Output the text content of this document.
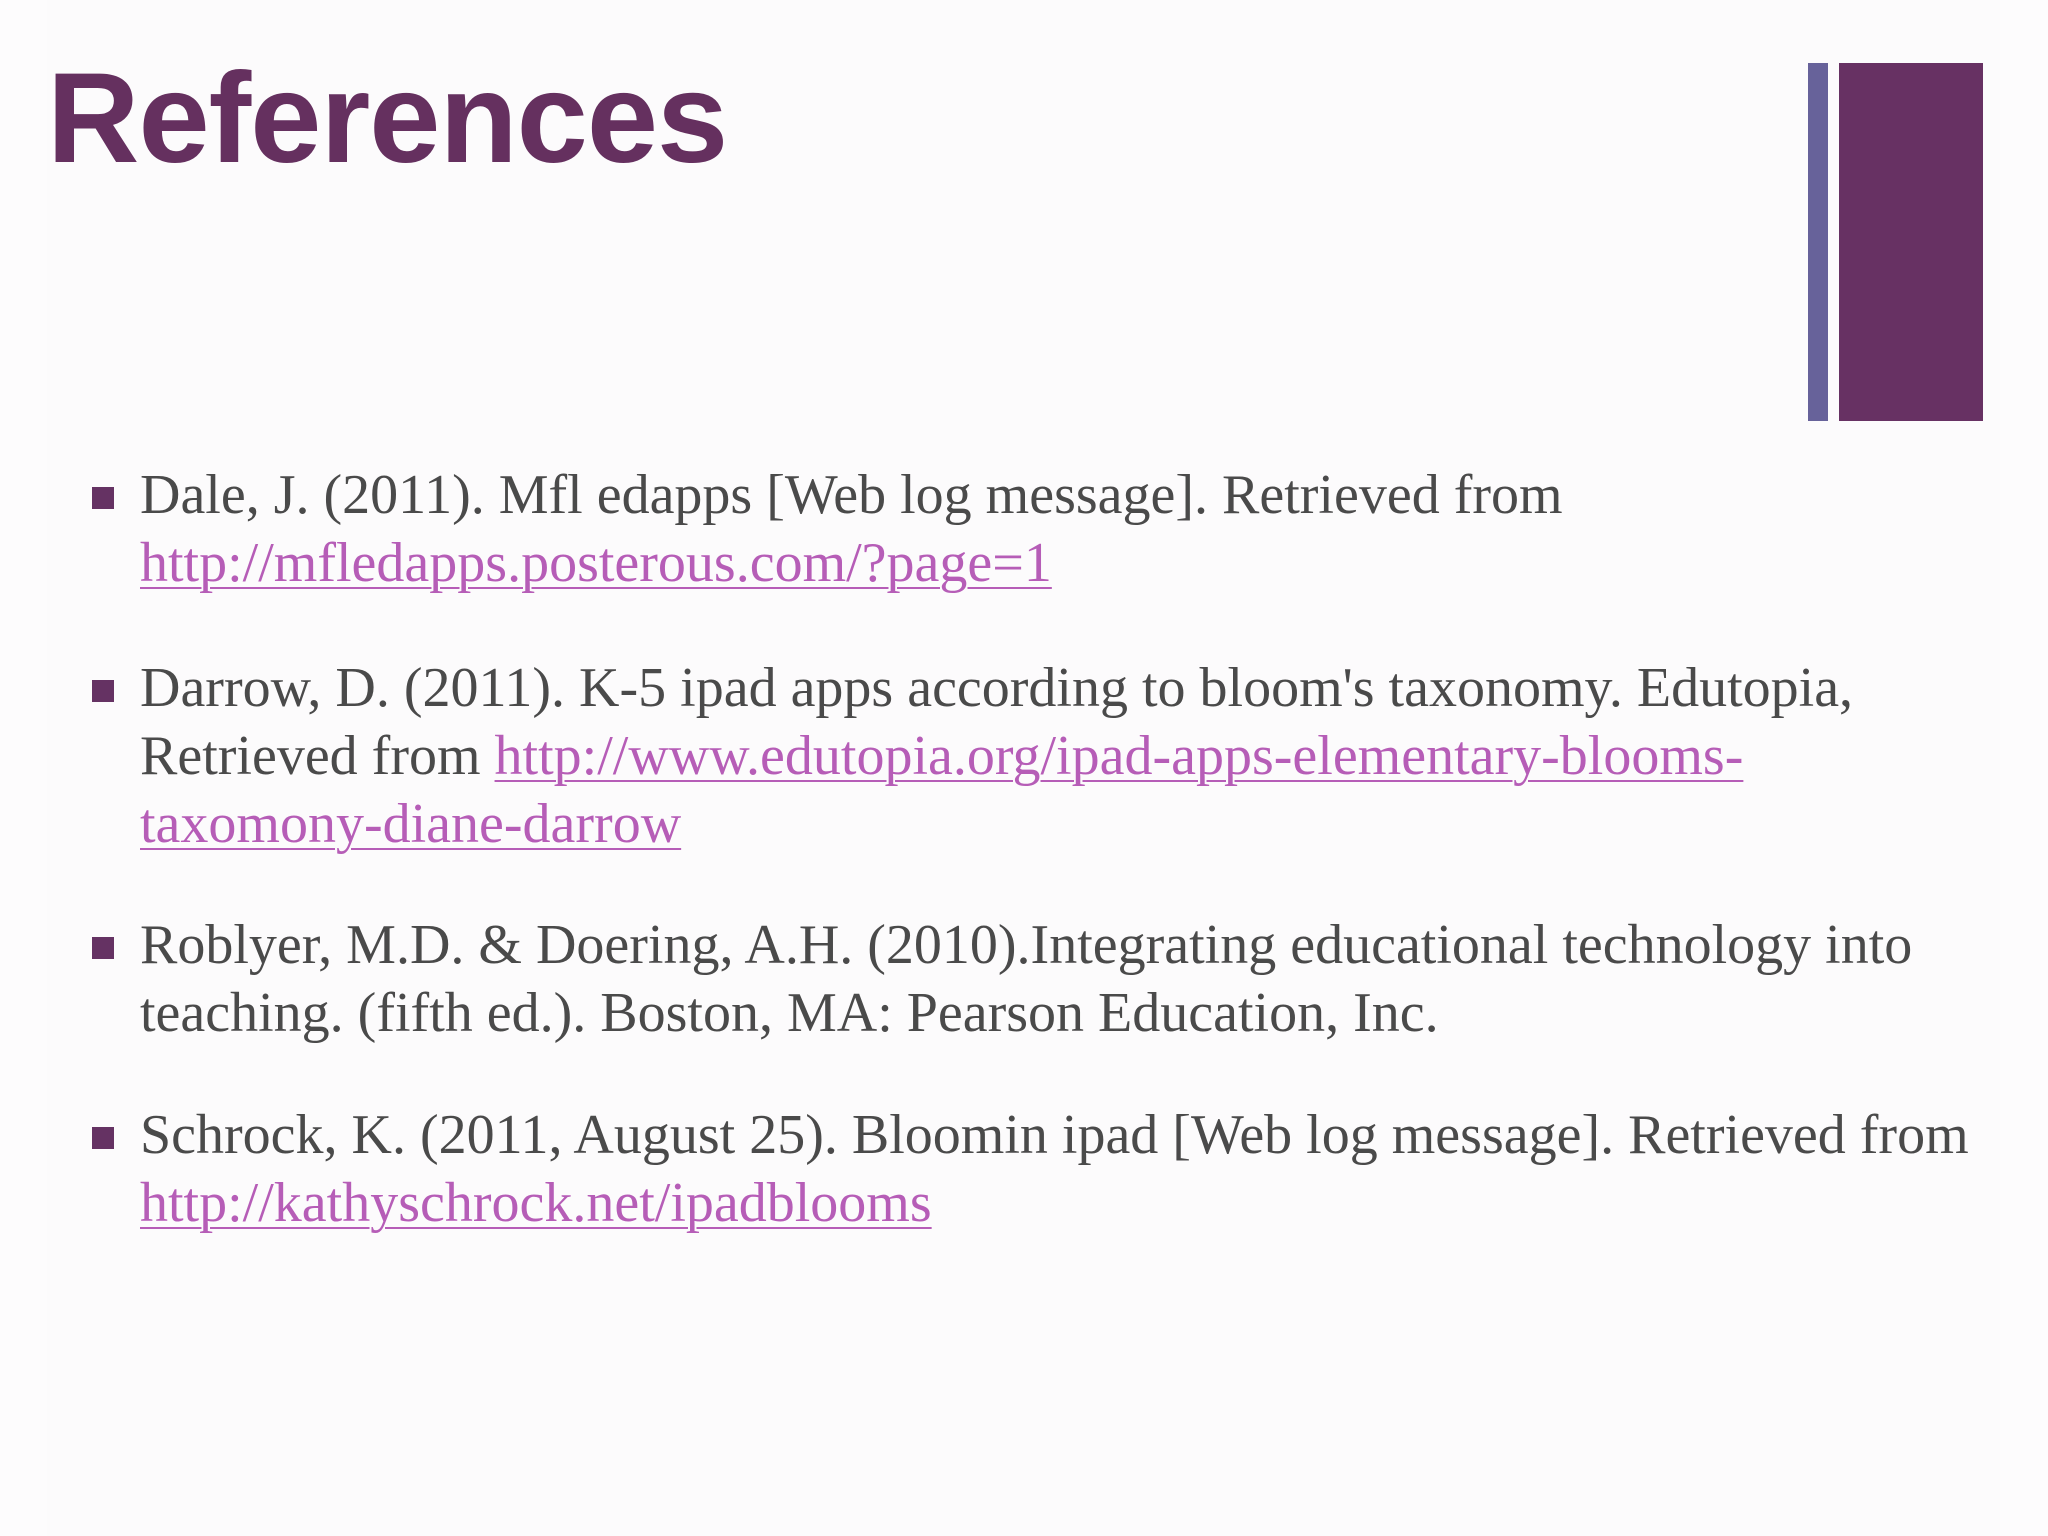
References
Dale, J. (2011). Mfl edapps [Web log message]. Retrieved from http://mfledapps.posterous.com/?page=1
Darrow, D. (2011). K-5 ipad apps according to bloom's taxonomy. Edutopia, Retrieved from http://www.edutopia.org/ipad-apps-elementary-blooms-taxomony-diane-darrow
Roblyer, M.D. & Doering, A.H. (2010).Integrating educational technology into teaching. (fifth ed.). Boston, MA: Pearson Education, Inc.
Schrock, K. (2011, August 25). Bloomin ipad [Web log message]. Retrieved from http://kathyschrock.net/ipadblooms
